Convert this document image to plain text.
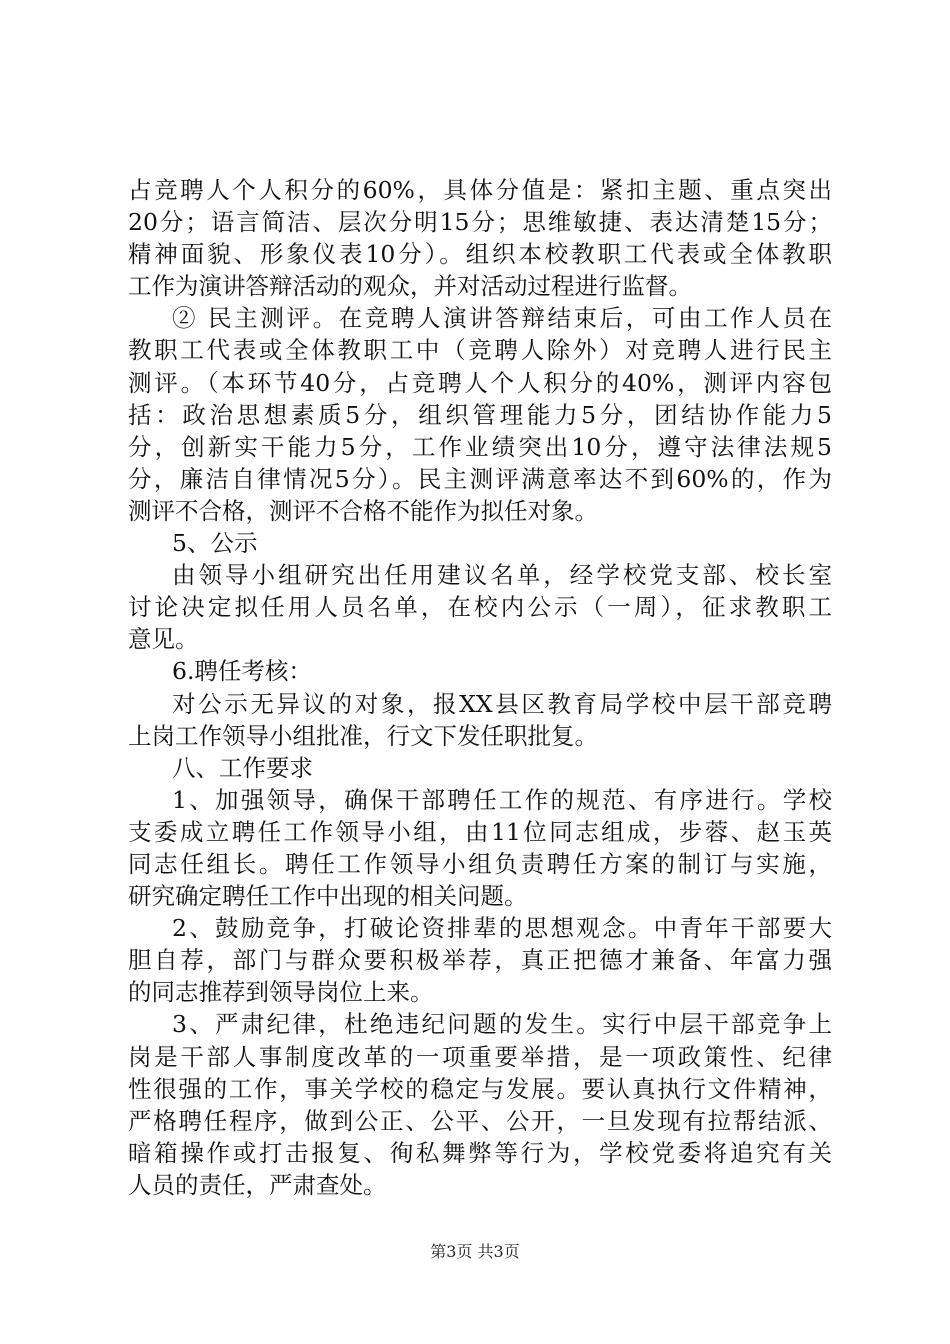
占竞聘人个人积分的60%，具体分值是：紧扣主题、重点突出
20分；语言简洁、层次分明15分；思维敏捷、表达清楚15分；
精神面貌、形象仪表10分）。组织本校教职工代表或全体教职
工作为演讲答辩活动的观众，并对活动过程进行监督。
② 民主测评。在竞聘人演讲答辩结束后，可由工作人员在
教职工代表或全体教职工中（竞聘人除外）对竞聘人进行民主
测评。（本环节40分，占竞聘人个人积分的40%，测评内容包
括：政治思想素质5分，组织管理能力5分，团结协作能力5
分，创新实干能力5分，工作业绩突出10分，遵守法律法规5
分，廉洁自律情况5分）。民主测评满意率达不到60%的，作为
测评不合格，测评不合格不能作为拟任对象。
5、公示
由领导小组研究出任用建议名单，经学校党支部、校长室
讨论决定拟任用人员名单，在校内公示（一周），征求教职工
意见。
6.聘任考核：
对公示无异议的对象，报XX县区教育局学校中层干部竞聘
上岗工作领导小组批准，行文下发任职批复。
八、工作要求
1、加强领导，确保干部聘任工作的规范、有序进行。学校
支委成立聘任工作领导小组，由11位同志组成，步蓉、赵玉英
同志任组长。聘任工作领导小组负责聘任方案的制订与实施，
研究确定聘任工作中出现的相关问题。
2、鼓励竞争，打破论资排辈的思想观念。中青年干部要大
胆自荐，部门与群众要积极举荐，真正把德才兼备、年富力强
的同志推荐到领导岗位上来。
3、严肃纪律，杜绝违纪问题的发生。实行中层干部竞争上
岗是干部人事制度改革的一项重要举措，是一项政策性、纪律
性很强的工作，事关学校的稳定与发展。要认真执行文件精神，
严格聘任程序，做到公正、公平、公开，一旦发现有拉帮结派、
暗箱操作或打击报复、徇私舞弊等行为，学校党委将追究有关
人员的责任，严肃查处。
第3页 共3页
